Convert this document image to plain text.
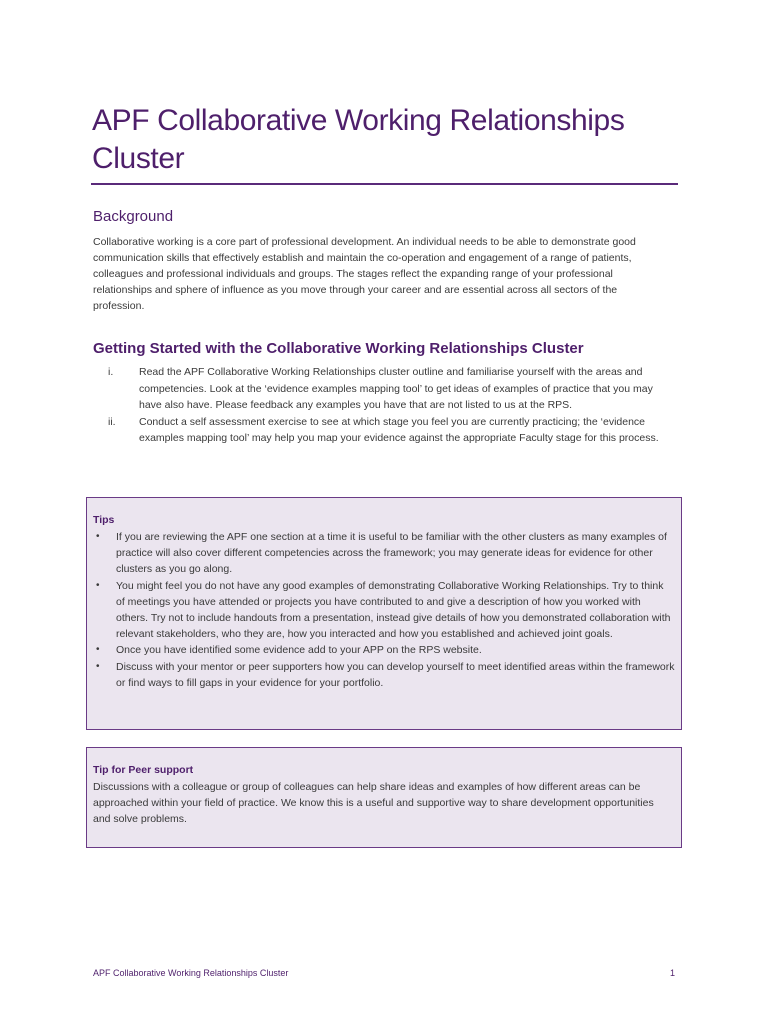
APF Collaborative Working Relationships Cluster
Background
Collaborative working is a core part of professional development. An individual needs to be able to demonstrate good communication skills that effectively establish and maintain the co-operation and engagement of a range of patients, colleagues and professional individuals and groups. The stages reflect the expanding range of your professional relationships and sphere of influence as you move through your career and are essential across all sectors of the profession.
Getting Started with the Collaborative Working Relationships Cluster
i.	Read the APF Collaborative Working Relationships cluster outline and familiarise yourself with the areas and competencies. Look at the ‘evidence examples mapping tool’ to get ideas of examples of practice that you may have also have. Please feedback any examples you have that are not listed to us at the RPS.
ii.	Conduct a self assessment exercise to see at which stage you feel you are currently practicing; the ‘evidence examples mapping tool’ may help you map your evidence against the appropriate Faculty stage for this process.
Tips
• If you are reviewing the APF one section at a time it is useful to be familiar with the other clusters as many examples of practice will also cover different competencies across the framework; you may generate ideas for evidence for other clusters as you go along.
• You might feel you do not have any good examples of demonstrating Collaborative Working Relationships. Try to think of meetings you have attended or projects you have contributed to and give a description of how you worked with others. Try not to include handouts from a presentation, instead give details of how you demonstrated collaboration with relevant stakeholders, who they are, how you interacted and how you established and achieved joint goals.
• Once you have identified some evidence add to your APP on the RPS website.
• Discuss with your mentor or peer supporters how you can develop yourself to meet identified areas within the framework or find ways to fill gaps in your evidence for your portfolio.
Tip for Peer support
Discussions with a colleague or group of colleagues can help share ideas and examples of how different areas can be approached within your field of practice. We know this is a useful and supportive way to share development opportunities and solve problems.
APF Collaborative Working Relationships Cluster	1
